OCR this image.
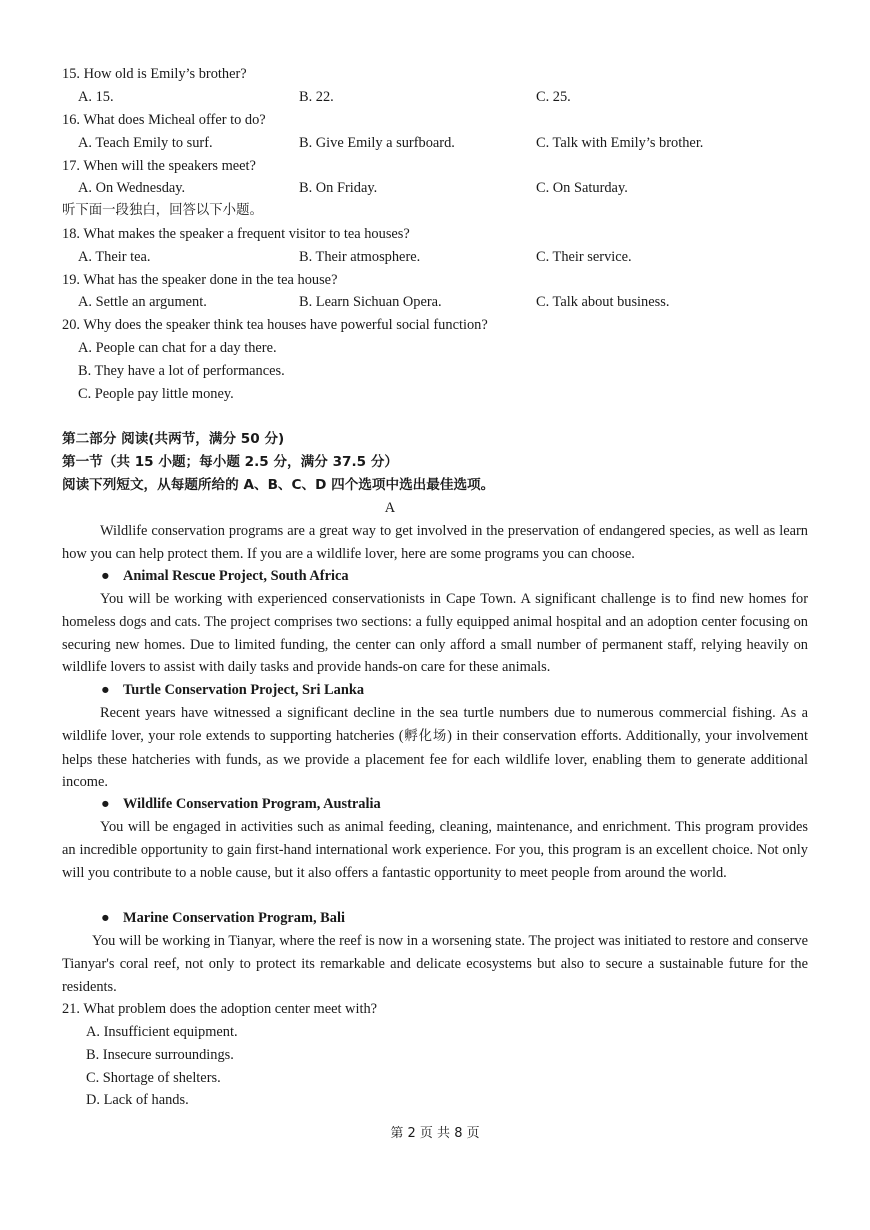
15. How old is Emily’s brother?
A. 15.	B. 22.	C. 25.
16. What does Micheal offer to do?
A. Teach Emily to surf.	B. Give Emily a surfboard.	C. Talk with Emily’s brother.
17. When will the speakers meet?
A. On Wednesday.	B. On Friday.	C. On Saturday.
听下面一段独白，回答以下小题。
18. What makes the speaker a frequent visitor to tea houses?
A. Their tea.	B. Their atmosphere.	C. Their service.
19. What has the speaker done in the tea house?
A. Settle an argument.	B. Learn Sichuan Opera.	C. Talk about business.
20. Why does the speaker think tea houses have powerful social function?
A. People can chat for a day there.
B. They have a lot of performances.
C. People pay little money.
第二部分 阅读(共两节，满分 50 分)
第一节（共 15 小题；每小题 2.5 分，满分 37.5 分）
阅读下列短文，从每题所给的 A、B、C、D 四个选项中选出最佳选项。
A
Wildlife conservation programs are a great way to get involved in the preservation of endangered species, as well as learn how you can help protect them. If you are a wildlife lover, here are some programs you can choose.
● Animal Rescue Project, South Africa
You will be working with experienced conservationists in Cape Town. A significant challenge is to find new homes for homeless dogs and cats. The project comprises two sections: a fully equipped animal hospital and an adoption center focusing on securing new homes. Due to limited funding, the center can only afford a small number of permanent staff, relying heavily on wildlife lovers to assist with daily tasks and provide hands-on care for these animals.
● Turtle Conservation Project, Sri Lanka
Recent years have witnessed a significant decline in the sea turtle numbers due to numerous commercial fishing. As a wildlife lover, your role extends to supporting hatcheries (孵化场) in their conservation efforts. Additionally, your involvement helps these hatcheries with funds, as we provide a placement fee for each wildlife lover, enabling them to generate additional income.
● Wildlife Conservation Program, Australia
You will be engaged in activities such as animal feeding, cleaning, maintenance, and enrichment. This program provides an incredible opportunity to gain first-hand international work experience. For you, this program is an excellent choice. Not only will you contribute to a noble cause, but it also offers a fantastic opportunity to meet people from around the world.
● Marine Conservation Program, Bali
You will be working in Tianyar, where the reef is now in a worsening state. The project was initiated to restore and conserve Tianyar's coral reef, not only to protect its remarkable and delicate ecosystems but also to secure a sustainable future for the residents.
21. What problem does the adoption center meet with?
A. Insufficient equipment.
B. Insecure surroundings.
C. Shortage of shelters.
D. Lack of hands.
第 2 页 共 8 页
